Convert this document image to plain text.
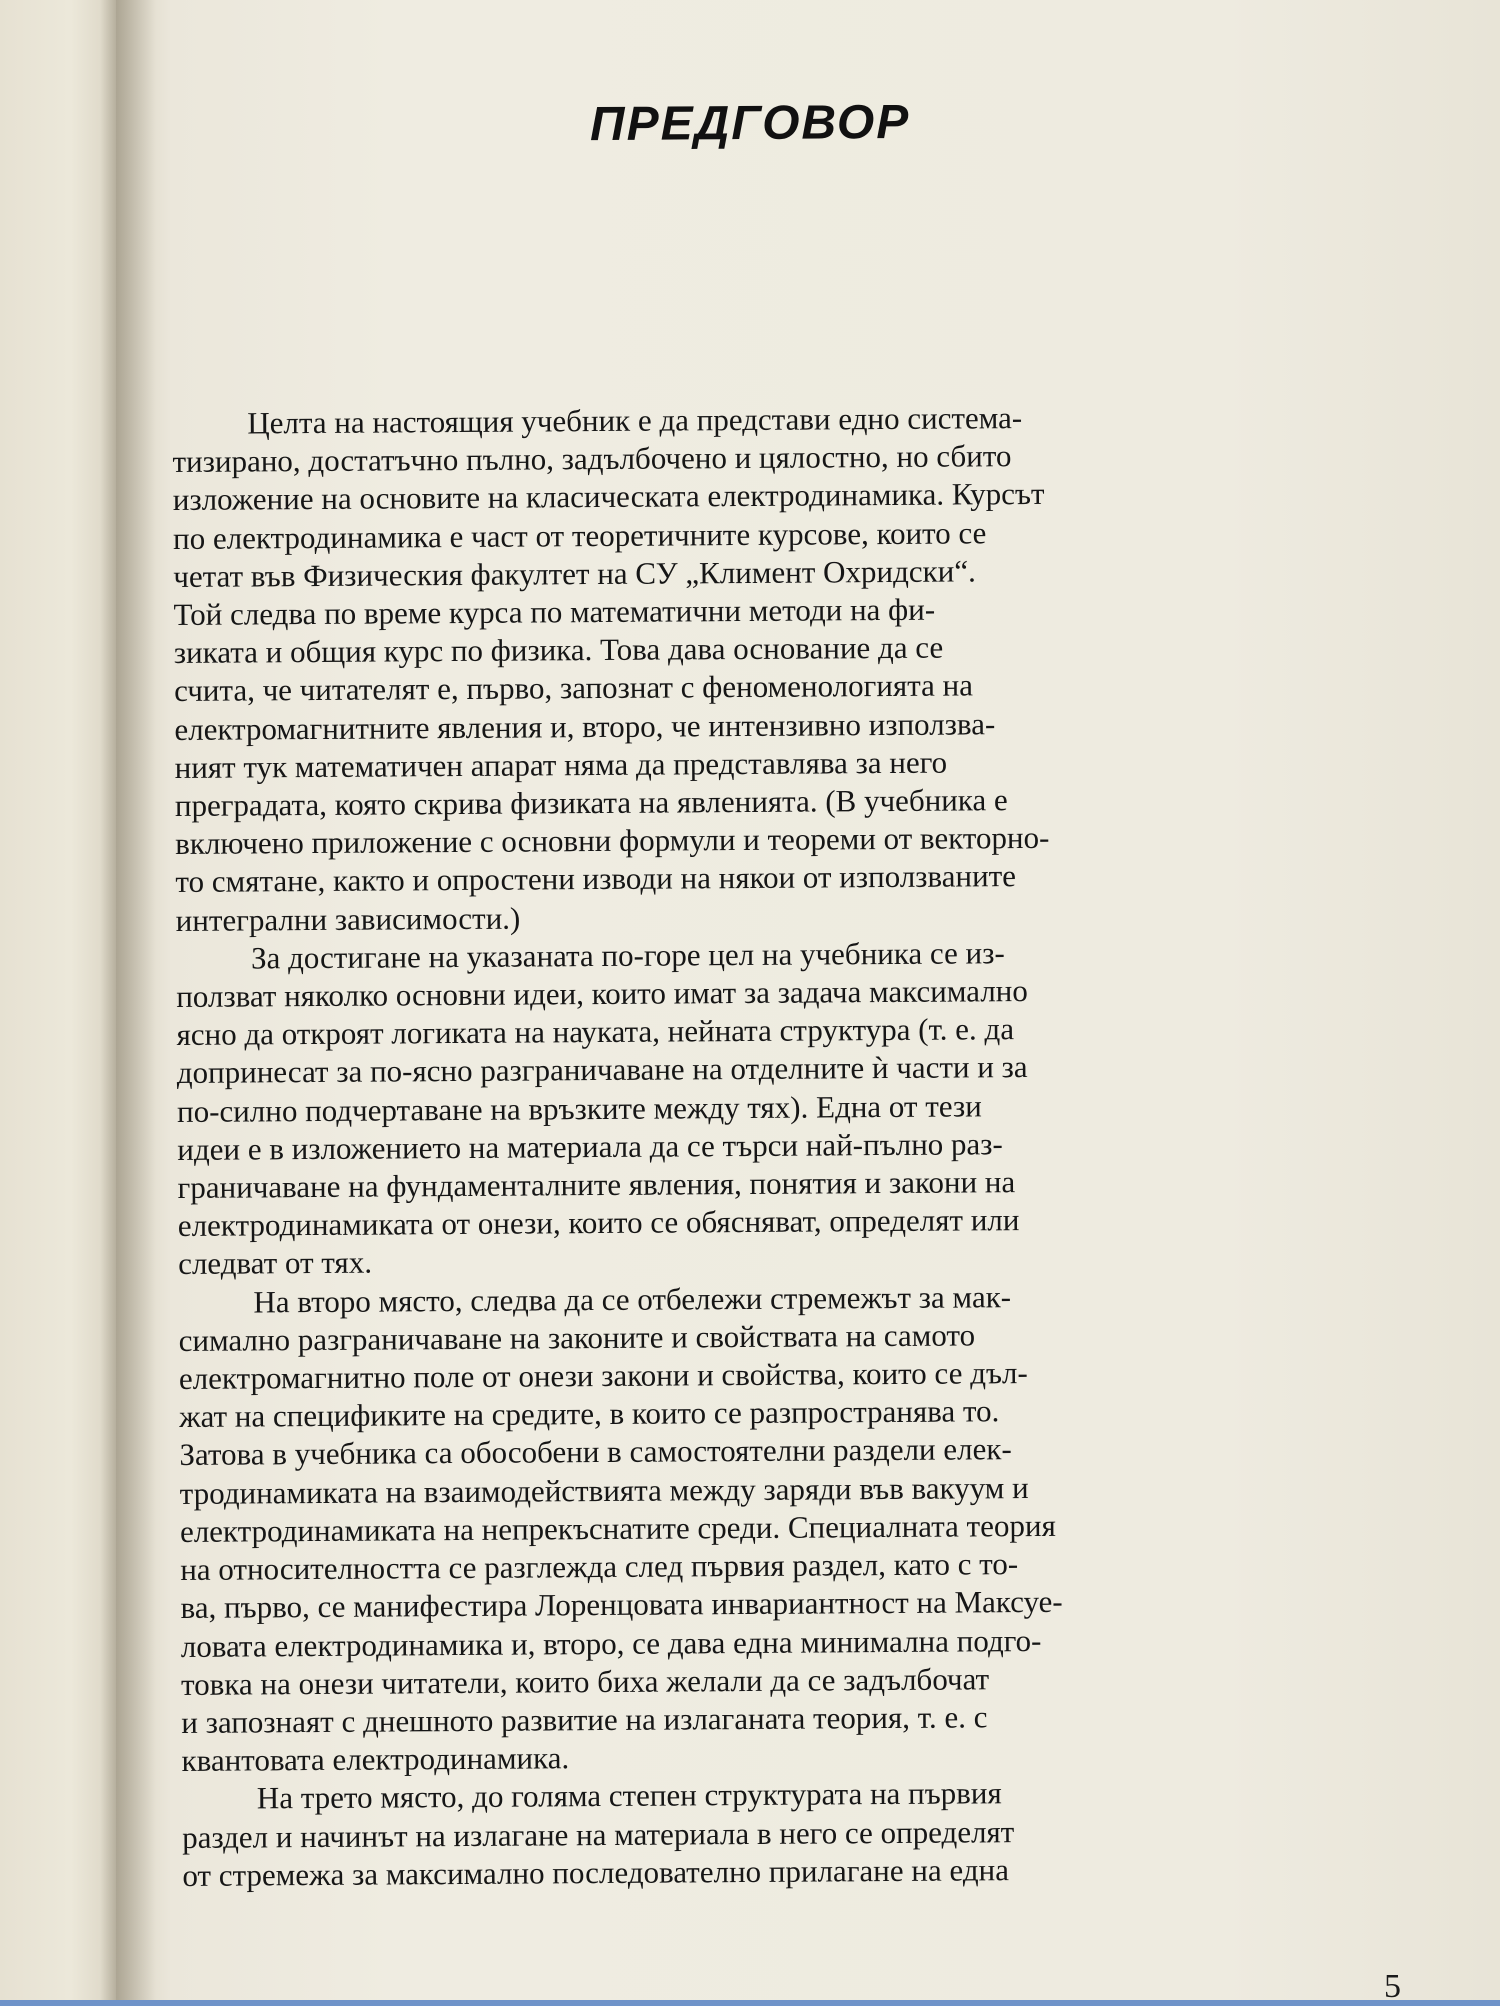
5
ПРЕДГОВОР

Целта на настоящия учебник е да представи едно система-
тизирано, достатъчно пълно, задълбочено и цялостно, но сбито
изложение на основите на класическата електродинамика. Курсът
по електродинамика е част от теоретичните курсове, които се
четат във Физическия факултет на СУ „Климент Охридски“.
Той следва по време курса по математични методи на фи-
зиката и общия курс по физика. Това дава основание да се
счита, че читателят е, първо, запознат с феноменологията на
електромагнитните явления и, второ, че интензивно използва-
ният тук математичен апарат няма да представлява за него
преградата, която скрива физиката на явленията. (В учебника е
включено приложение с основни формули и теореми от векторно-
то смятане, както и опростени изводи на някои от използваните
интегрални зависимости.)

За достигане на указаната по-горе цел на учебника се из-
ползват няколко основни идеи, които имат за задача максимално
ясно да откроят логиката на науката, нейната структура (т. е. да
допринесат за по-ясно разграничаване на отделните ѝ части и за
по-силно подчертаване на връзките между тях). Една от тези
идеи е в изложението на материала да се търси най-пълно раз-
граничаване на фундаменталните явления, понятия и закони на
електродинамиката от онези, които се обясняват, определят или
следват от тях.

На второ място, следва да се отбележи стремежът за мак-
симално разграничаване на законите и свойствата на самото
електромагнитно поле от онези закони и свойства, които се дъл-
жат на спецификите на средите, в които се разпространява то.
Затова в учебника са обособени в самостоятелни раздели елек-
тродинамиката на взаимодействията между заряди във вакуум и
електродинамиката на непрекъснатите среди. Специалната теория
на относителността се разглежда след първия раздел, като с то-
ва, първо, се манифестира Лоренцовата инвариантност на Максуе-
ловата електродинамика и, второ, се дава една минимална подго-
товка на онези читатели, които биха желали да се задълбочат
и запознаят с днешното развитие на излаганата теория, т. е. с
квантовата електродинамика.

На трето място, до голяма степен структурата на първия
раздел и начинът на излагане на материала в него се определят
от стремежа за максимално последователно прилагане на една
